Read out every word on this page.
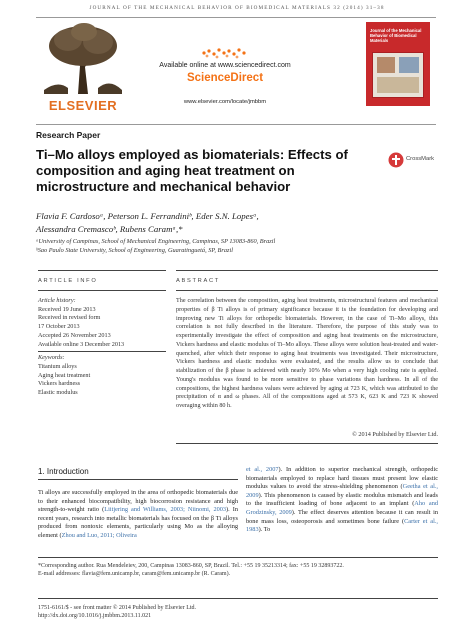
JOURNAL OF THE MECHANICAL BEHAVIOR OF BIOMEDICAL MATERIALS 32 (2014) 31–38
ELSEVIER
Available online at www.sciencedirect.com
ScienceDirect
www.elsevier.com/locate/jmbbm
Journal of the Mechanical Behavior of Biomedical Materials
Research Paper
Ti–Mo alloys employed as biomaterials: Effects of composition and aging heat treatment on microstructure and mechanical behavior
CrossMark
Flavia F. Cardosoᵃ, Peterson L. Ferrandiniᵇ, Eder S.N. Lopesᵃ,
Alessandra Cremascoᵇ, Rubens Caramᵃ,*
ᵃUniversity of Campinas, School of Mechanical Engineering, Campinas, SP 13083-860, Brazil
ᵇSao Paulo State University, School of Engineering, Guaratinguetá, SP, Brazil
ARTICLE INFO	ABSTRACT
Article history:
Received 19 June 2013
Received in revised form
17 October 2013
Accepted 26 November 2013
Available online 3 December 2013
Keywords:
Titanium alloys
Aging heat treatment
Vickers hardness
Elastic modulus
The correlation between the composition, aging heat treatments, microstructural features and mechanical properties of β Ti alloys is of primary significance because it is the foundation for developing and improving new Ti alloys for orthopedic biomaterials. However, in the case of Ti–Mo alloys, this correlation is not fully described in the literature. Therefore, the purpose of this study was to experimentally investigate the effect of composition and aging heat treatments on the microstructure, Vickers hardness and elastic modulus of Ti–Mo alloys. These alloys were solution heat-treated and water-quenched, after which their response to aging heat treatments was investigated. Their microstructure, Vickers hardness and elastic modulus were evaluated, and the results allow us to conclude that stabilization of the β phase is achieved with nearly 10% Mo when a very high cooling rate is applied. Young's modulus was found to be more sensitive to phase variations than hardness. In all of the compositions, the highest hardness values were achieved by aging at 723 K, which was attributed to the precipitation of α and ω phases. All of the compositions aged at 573 K, 623 K and 723 K showed overaging within 80 h.
© 2014 Published by Elsevier Ltd.
1. Introduction
Ti alloys are successfully employed in the area of orthopedic biomaterials due to their enhanced biocompatibility, high biocorrosion resistance and high strength-to-weight ratio (Liitjering and Williams, 2003; Niinomi, 2003). In recent years, research into metallic biomaterials has focused on the β Ti alloys produced from nontoxic elements, particularly using Mo as the alloying element (Zhou and Luo, 2011; Oliveira
et al., 2007). In addition to superior mechanical strength, orthopedic biomaterials employed to replace hard tissues must present low elastic modulus values to avoid the stress-shielding phenomenon (Geetha et al., 2009). This phenomenon is caused by elastic modulus mismatch and leads to the insufficient loading of bone adjacent to an implant (Aho and Grodzinsky, 2009). The effect deserves attention because it can result in bone mass loss, osteoporosis and sometimes bone failure (Carter et al., 1983). To
*Corresponding author. Rua Mendeleiev, 200, Campinas 13083-860, SP, Brazil. Tel.: +55 19 35213314; fax: +55 19 32893722.
E-mail addresses: flavia@fem.unicamp.br, caram@fem.unicamp.br (R. Caram).
1751-6161/$ - see front matter © 2014 Published by Elsevier Ltd.
http://dx.doi.org/10.1016/j.jmbbm.2013.11.021
